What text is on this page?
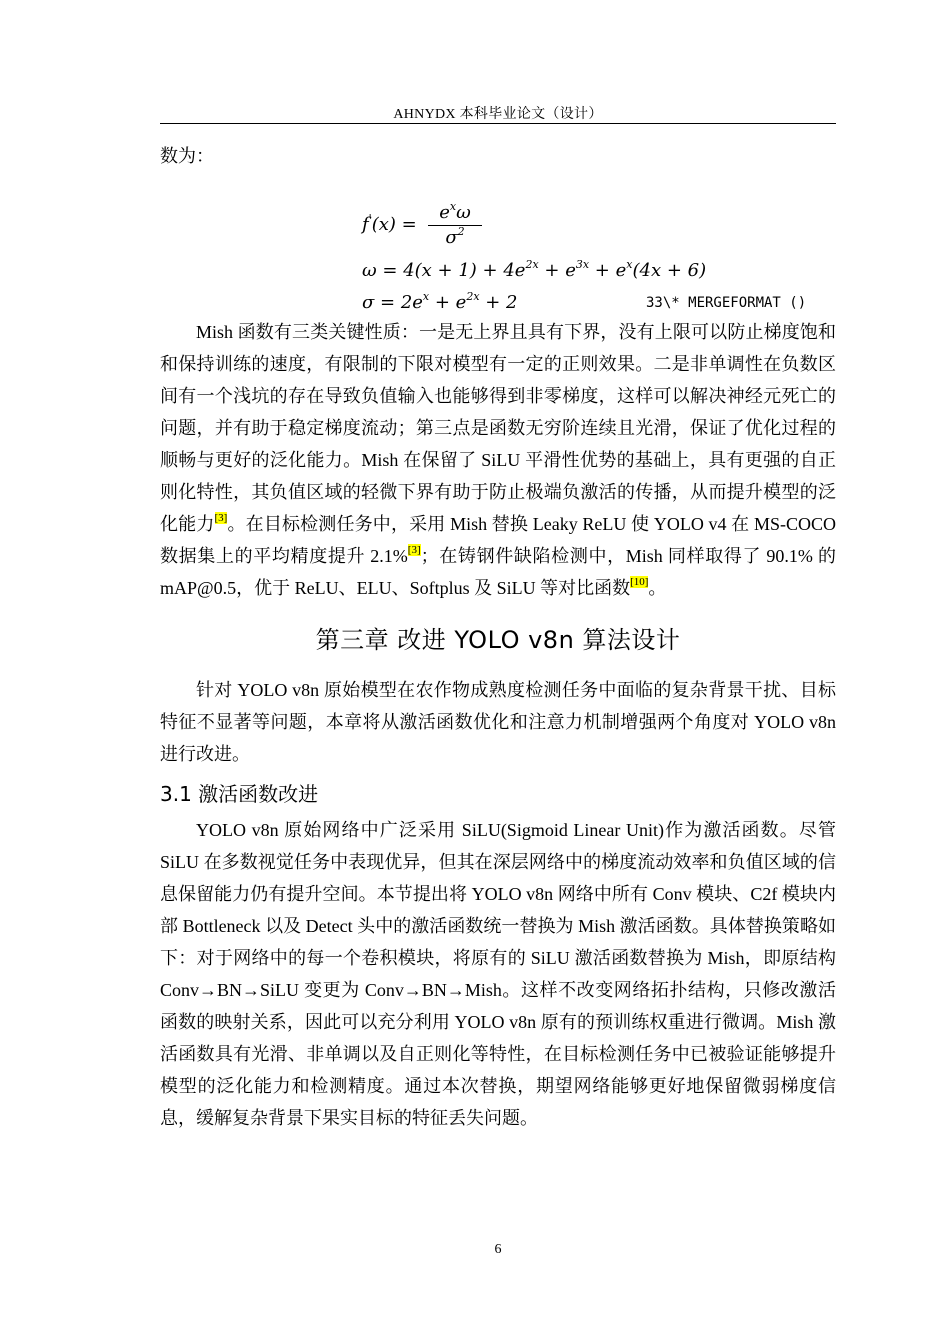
AHNYDX 本科毕业论文（设计）

数为：

f'(x) =
$e^x\omega$
$\sigma^2$
$\omega = 4(x + 1) + 4e^{2x} + e^{3x} + e^x(4x + 6)$
$\sigma = 2e^x + e^{2x} + 2$	33\* MERGEFORMAT ()

Mish 函数有三类关键性质：一是无上界且具有下界，没有上限可以防止梯度饱和和保持训练的速度，有限制的下限对模型有一定的正则效果。二是非单调性在负数区间有一个浅坑的存在导致负值输入也能够得到非零梯度，这样可以解决神经元死亡的问题，并有助于稳定梯度流动；第三点是函数无穷阶连续且光滑，保证了优化过程的顺畅与更好的泛化能力。Mish 在保留了 SiLU 平滑性优势的基础上，具有更强的自正则化特性，其负值区域的轻微下界有助于防止极端负激活的传播，从而提升模型的泛化能力[3]。在目标检测任务中，采用 Mish 替换 Leaky ReLU 使 YOLO v4 在 MS-COCO 数据集上的平均精度提升 2.1%[3]；在铸钢件缺陷检测中，Mish 同样取得了 90.1% 的 mAP@0.5，优于 ReLU、ELU、Softplus 及 SiLU 等对比函数[10]。

第三章 改进 YOLO v8n 算法设计

针对 YOLO v8n 原始模型在农作物成熟度检测任务中面临的复杂背景干扰、目标特征不显著等问题，本章将从激活函数优化和注意力机制增强两个角度对 YOLO v8n 进行改进。

3.1 激活函数改进

YOLO v8n 原始网络中广泛采用 SiLU(Sigmoid Linear Unit)作为激活函数。尽管 SiLU 在多数视觉任务中表现优异，但其在深层网络中的梯度流动效率和负值区域的信息保留能力仍有提升空间。本节提出将 YOLO v8n 网络中所有 Conv 模块、C2f 模块内部 Bottleneck 以及 Detect 头中的激活函数统一替换为 Mish 激活函数。具体替换策略如下：对于网络中的每一个卷积模块，将原有的 SiLU 激活函数替换为 Mish，即原结构 Conv→BN→SiLU 变更为 Conv→BN→Mish。这样不改变网络拓扑结构，只修改激活函数的映射关系，因此可以充分利用 YOLO v8n 原有的预训练权重进行微调。Mish 激活函数具有光滑、非单调以及自正则化等特性，在目标检测任务中已被验证能够提升模型的泛化能力和检测精度。通过本次替换，期望网络能够更好地保留微弱梯度信息，缓解复杂背景下果实目标的特征丢失问题。

6
